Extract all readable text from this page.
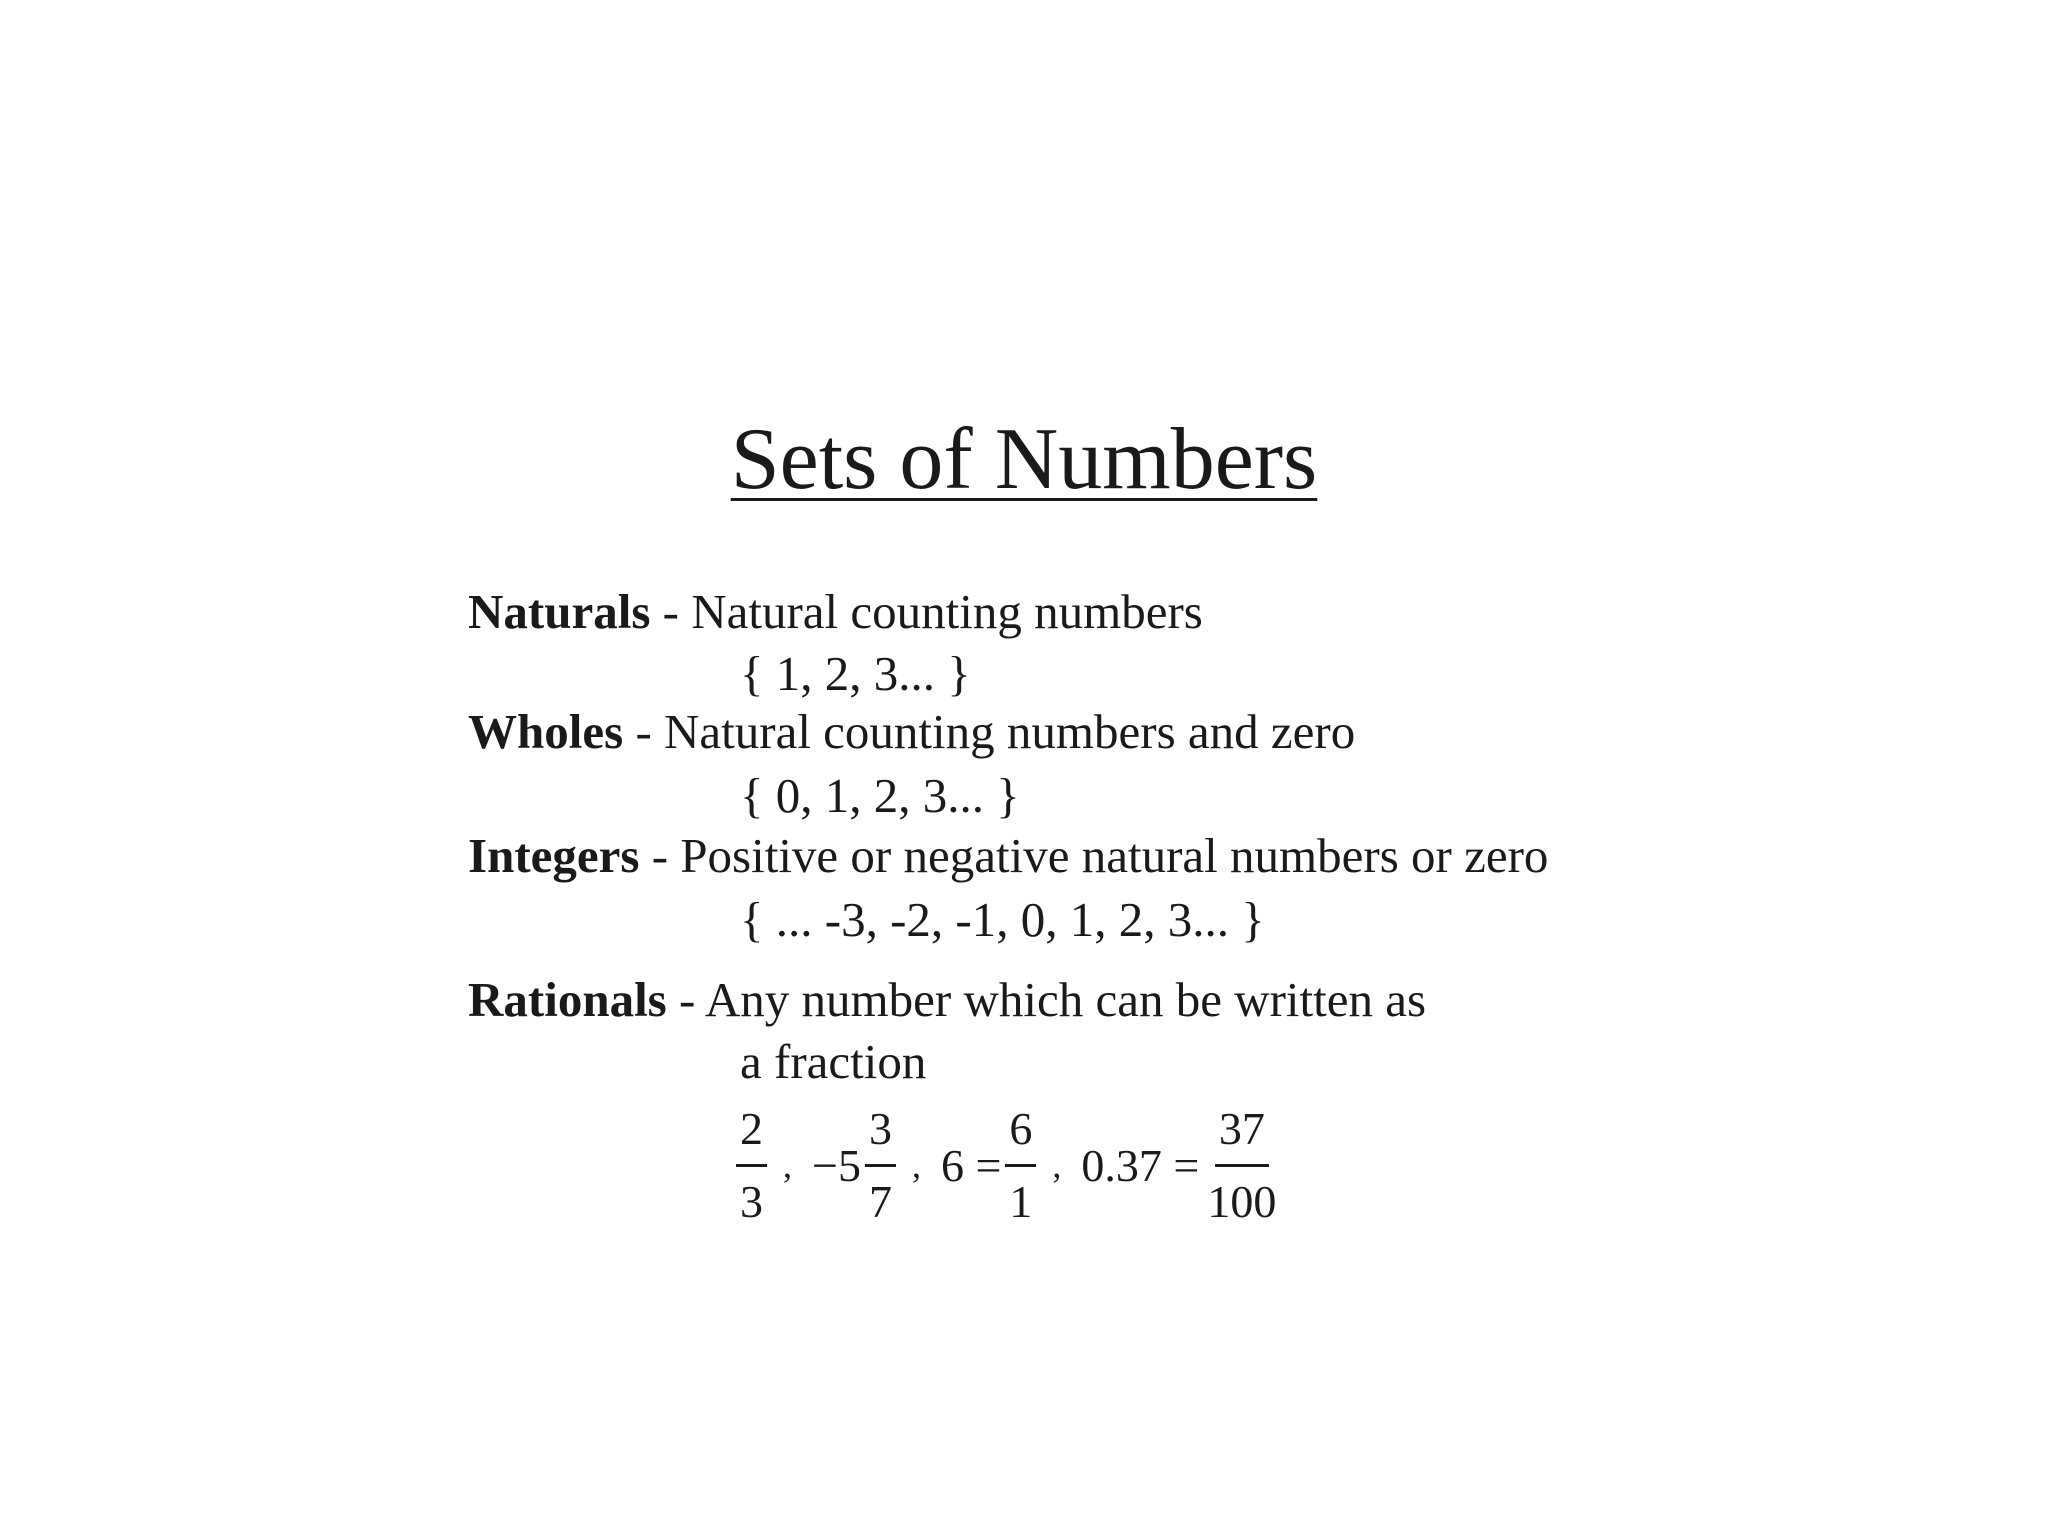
Sets of Numbers
Naturals - Natural counting numbers
{ 1, 2, 3... }
Wholes - Natural counting numbers and zero
{ 0, 1, 2, 3... }
Integers - Positive or negative natural numbers or zero
{ ... -3, -2, -1, 0, 1, 2, 3... }
Rationals - Any number which can be written as
a fraction
$\frac{2}{3}$ , $-5 \frac{3}{7}$ , $6 = \frac{6}{1}$ , $0.37 = \frac{37}{100}$
